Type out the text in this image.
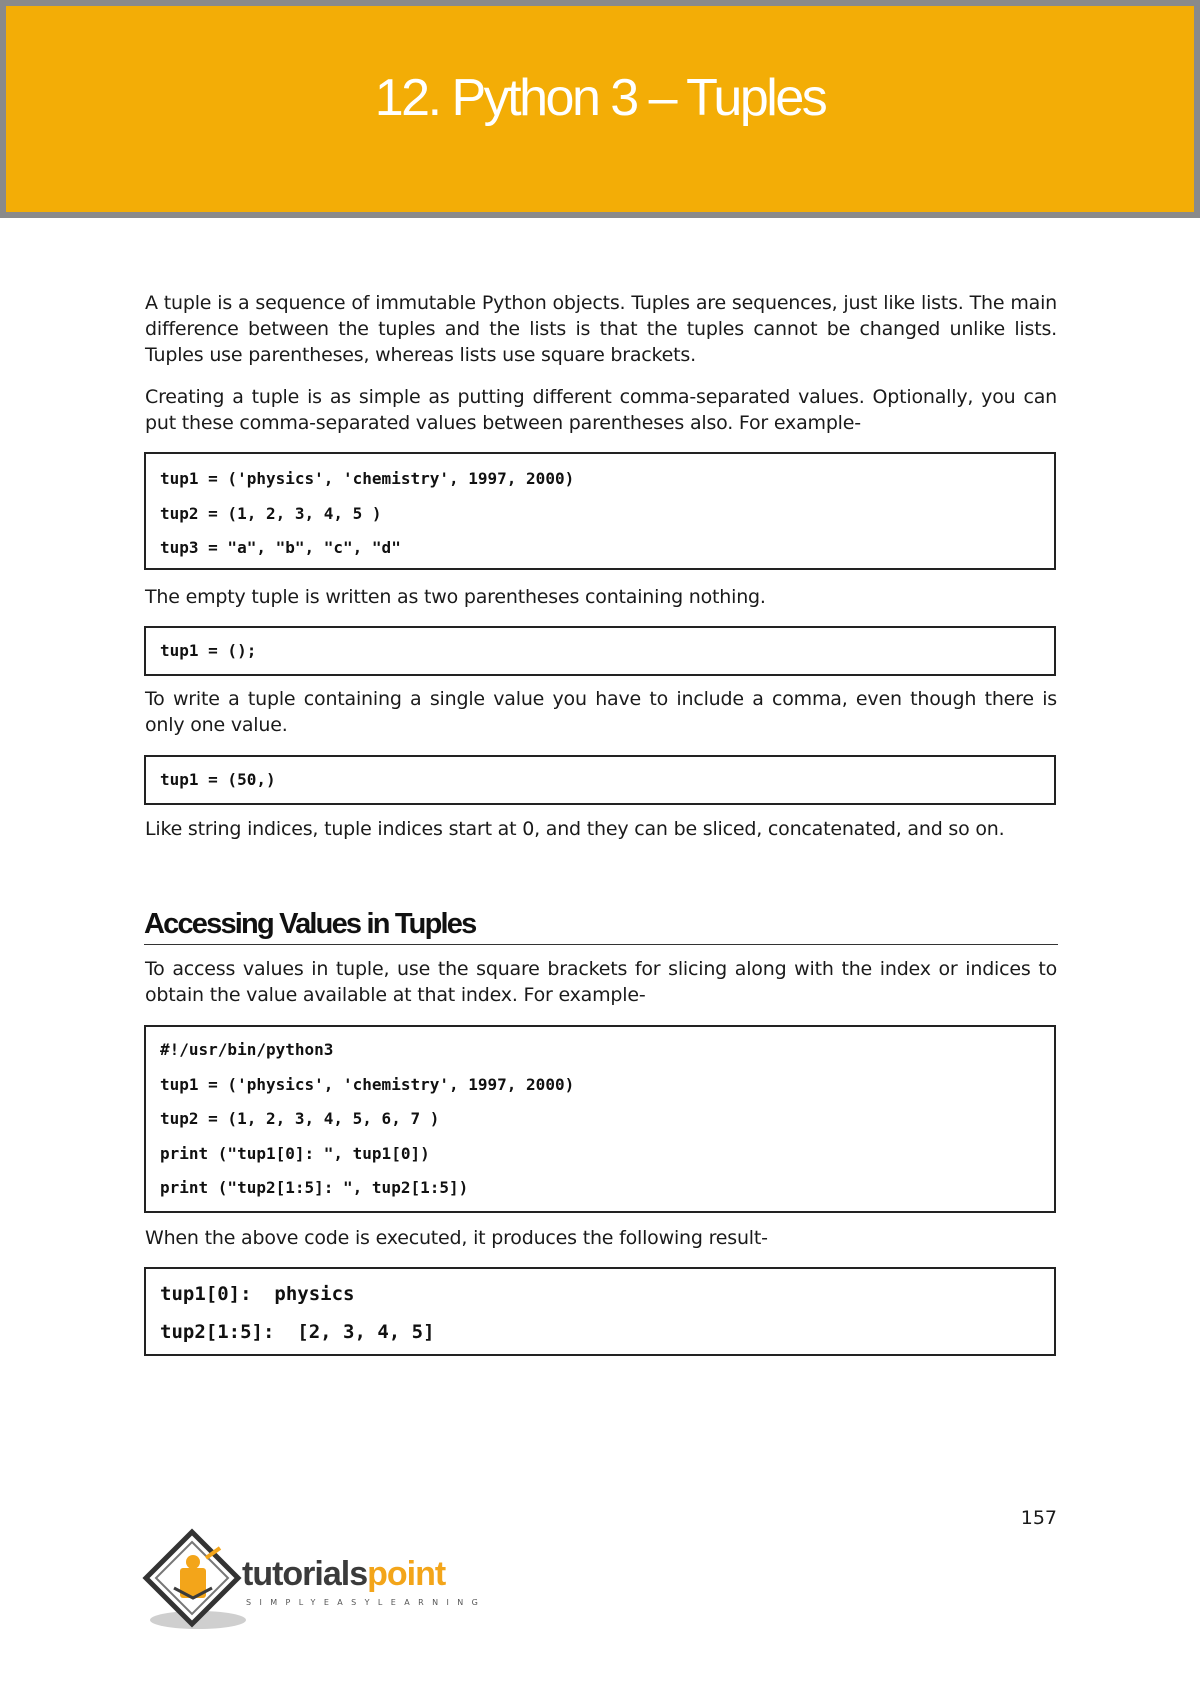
12. Python 3 – Tuples

A tuple is a sequence of immutable Python objects. Tuples are sequences, just like lists. The main difference between the tuples and the lists is that the tuples cannot be changed unlike lists. Tuples use parentheses, whereas lists use square brackets.

Creating a tuple is as simple as putting different comma-separated values. Optionally, you can put these comma-separated values between parentheses also. For example-

tup1 = ('physics', 'chemistry', 1997, 2000)
tup2 = (1, 2, 3, 4, 5 )
tup3 = "a", "b", "c", "d"

The empty tuple is written as two parentheses containing nothing.

tup1 = ();

To write a tuple containing a single value you have to include a comma, even though there is only one value.

tup1 = (50,)

Like string indices, tuple indices start at 0, and they can be sliced, concatenated, and so on.

Accessing Values in Tuples

To access values in tuple, use the square brackets for slicing along with the index or indices to obtain the value available at that index. For example-

#!/usr/bin/python3
tup1 = ('physics', 'chemistry', 1997, 2000)
tup2 = (1, 2, 3, 4, 5, 6, 7 )
print ("tup1[0]: ", tup1[0])
print ("tup2[1:5]: ", tup2[1:5])

When the above code is executed, it produces the following result-

tup1[0]:  physics
tup2[1:5]:  [2, 3, 4, 5]
157
tutorialspoint
SIMPLYEASYLEARNING
